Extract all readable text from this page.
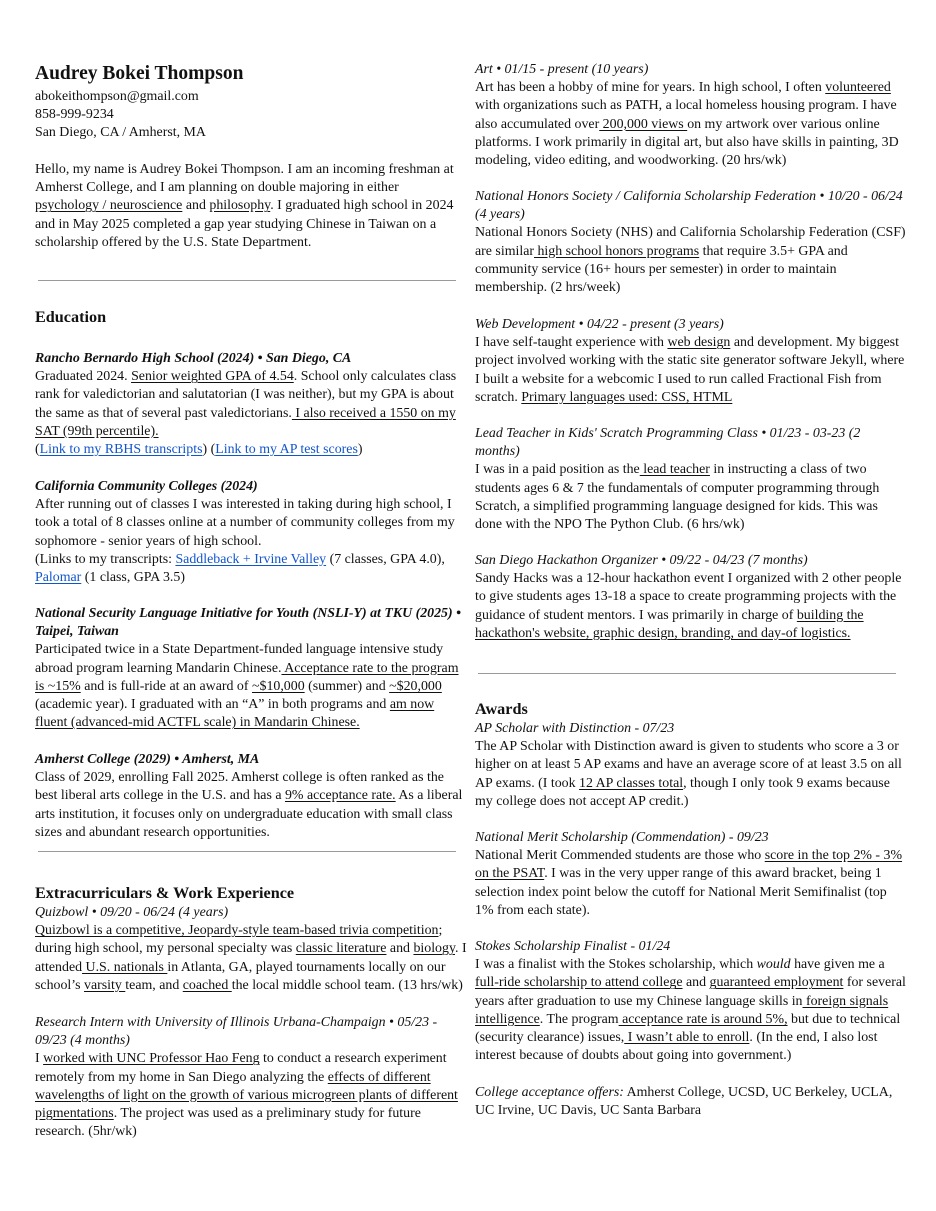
Audrey Bokei Thompson

abokeithompson@gmail.com

858-999-9234

San Diego, CA / Amherst, MA

Hello, my name is Audrey Bokei Thompson. I am an incoming freshman at Amherst College, and I am planning on double majoring in either psychology / neuroscience and philosophy. I graduated high school in 2024 and in May 2025 completed a gap year studying Chinese in Taiwan on a scholarship offered by the U.S. State Department.

Education

Rancho Bernardo High School (2024) • San Diego, CA

Graduated 2024. Senior weighted GPA of 4.54. School only calculates class rank for valedictorian and salutatorian (I was neither), but my GPA is about the same as that of several past valedictorians. I also received a 1550 on my SAT (99th percentile).

(Link to my RBHS transcripts) (Link to my AP test scores)

California Community Colleges (2024)

After running out of classes I was interested in taking during high school, I took a total of 8 classes online at a number of community colleges from my sophomore - senior years of high school.

(Links to my transcripts: Saddleback + Irvine Valley (7 classes, GPA 4.0),
Palomar (1 class, GPA 3.5)

National Security Language Initiative for Youth (NSLI-Y) at TKU (2025) • Taipei, Taiwan

Participated twice in a State Department-funded language intensive study abroad program learning Mandarin Chinese. Acceptance rate to the program is ~15% and is full-ride at an award of ~$10,000 (summer) and ~$20,000 (academic year). I graduated with an “A” in both programs and am now fluent (advanced-mid ACTFL scale) in Mandarin Chinese.

Amherst College (2029) • Amherst, MA

Class of 2029, enrolling Fall 2025. Amherst college is often ranked as the best liberal arts college in the U.S. and has a 9% acceptance rate. As a liberal arts institution, it focuses only on undergraduate education with small class sizes and abundant research opportunities.

Extracurriculars & Work Experience

Quizbowl • 09/20 - 06/24 (4 years)

Quizbowl is a competitive, Jeopardy-style team-based trivia competition; during high school, my personal specialty was classic literature and biology. I attended U.S. nationals in Atlanta, GA, played tournaments locally on our school’s varsity team, and coached the local middle school team. (13 hrs/wk)

Research Intern with University of Illinois Urbana-Champaign • 05/23 - 09/23 (4 months)

I worked with UNC Professor Hao Feng to conduct a research experiment remotely from my home in San Diego analyzing the effects of different wavelengths of light on the growth of various microgreen plants of different pigmentations. The project was used as a preliminary study for future research. (5hr/wk)

Art • 01/15 - present (10 years)

Art has been a hobby of mine for years. In high school, I often volunteered with organizations such as PATH, a local homeless housing program. I have also accumulated over 200,000 views on my artwork over various online platforms. I work primarily in digital art, but also have skills in painting, 3D modeling, video editing, and woodworking. (20 hrs/wk)

National Honors Society / California Scholarship Federation • 10/20 - 06/24 (4 years)

National Honors Society (NHS) and California Scholarship Federation (CSF) are similar high school honors programs that require 3.5+ GPA and community service (16+ hours per semester) in order to maintain membership. (2 hrs/week)

Web Development • 04/22 - present (3 years)

I have self-taught experience with web design and development. My biggest project involved working with the static site generator software Jekyll, where I built a website for a webcomic I used to run called Fractional Fish from scratch. Primary languages used: CSS, HTML

Lead Teacher in Kids' Scratch Programming Class • 01/23 - 03-23 (2 months)

I was in a paid position as the lead teacher in instructing a class of two students ages 6 & 7 the fundamentals of computer programming through Scratch, a simplified programming language designed for kids. This was done with the NPO The Python Club. (6 hrs/wk)

San Diego Hackathon Organizer • 09/22 - 04/23 (7 months)

Sandy Hacks was a 12-hour hackathon event I organized with 2 other people to give students ages 13-18 a space to create programming projects with the guidance of student mentors. I was primarily in charge of building the hackathon's website, graphic design, branding, and day-of logistics.

Awards

AP Scholar with Distinction - 07/23

The AP Scholar with Distinction award is given to students who score a 3 or higher on at least 5 AP exams and have an average score of at least 3.5 on all AP exams. (I took 12 AP classes total, though I only took 9 exams because my college does not accept AP credit.)

National Merit Scholarship (Commendation) - 09/23

National Merit Commended students are those who score in the top 2% - 3% on the PSAT. I was in the very upper range of this award bracket, being 1 selection index point below the cutoff for National Merit Semifinalist (top 1% from each state).

Stokes Scholarship Finalist - 01/24

I was a finalist with the Stokes scholarship, which would have given me a full-ride scholarship to attend college and guaranteed employment for several years after graduation to use my Chinese language skills in foreign signals intelligence. The program acceptance rate is around 5%, but due to technical (security clearance) issues, I wasn’t able to enroll. (In the end, I also lost interest because of doubts about going into government.)

College acceptance offers: Amherst College, UCSD, UC Berkeley, UCLA, UC Irvine, UC Davis, UC Santa Barbara
